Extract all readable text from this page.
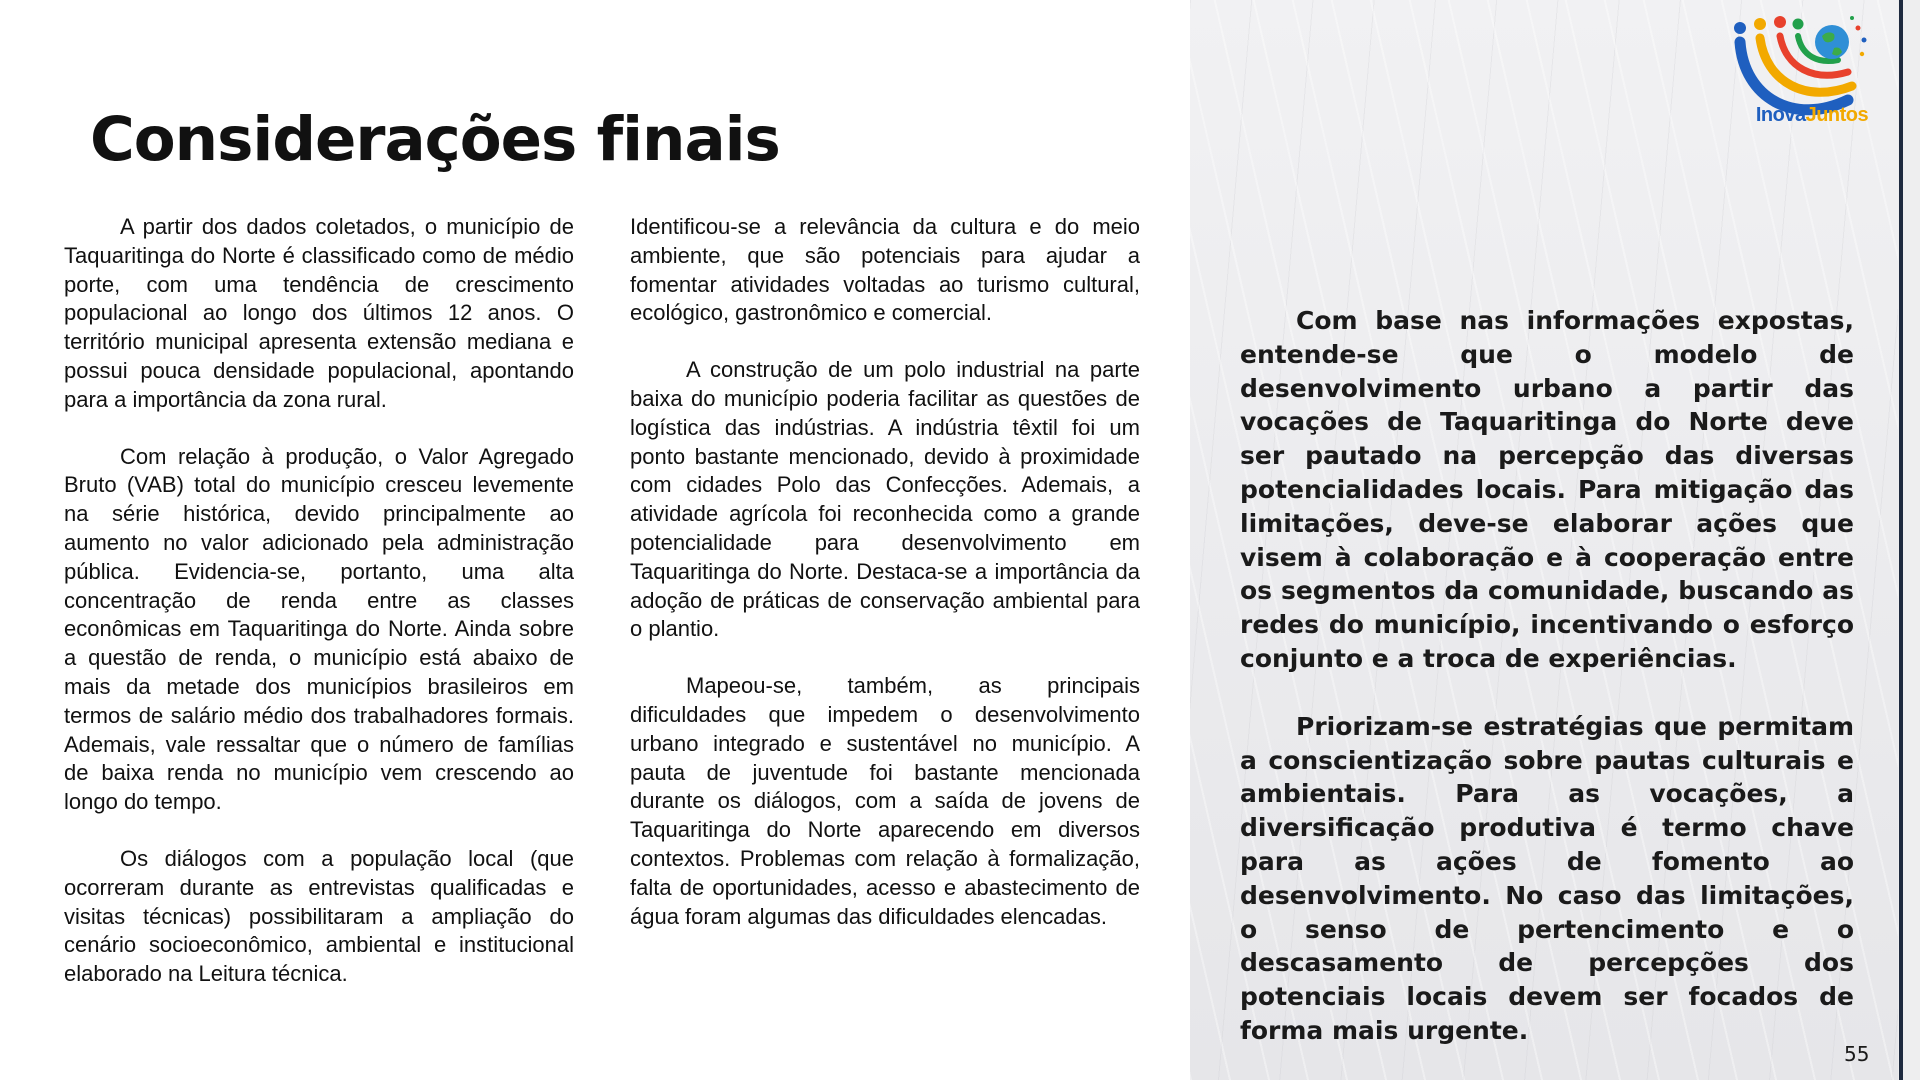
Considerações finais

A partir dos dados coletados, o município de Taquaritinga do Norte é classificado como de médio porte, com uma tendência de crescimento populacional ao longo dos últimos 12 anos. O território municipal apresenta extensão mediana e possui pouca densidade populacional, apontando para a importância da zona rural.

Com relação à produção, o Valor Agregado Bruto (VAB) total do município cresceu levemente na série histórica, devido principalmente ao aumento no valor adicionado pela administração pública. Evidencia-se, portanto, uma alta concentração de renda entre as classes econômicas em Taquaritinga do Norte. Ainda sobre a questão de renda, o município está abaixo de mais da metade dos municípios brasileiros em termos de salário médio dos trabalhadores formais. Ademais, vale ressaltar que o número de famílias de baixa renda no município vem crescendo ao longo do tempo.

Os diálogos com a população local (que ocorreram durante as entrevistas qualificadas e visitas técnicas) possibilitaram a ampliação do cenário socioeconômico, ambiental e institucional elaborado na Leitura técnica.

Identificou-se a relevância da cultura e do meio ambiente, que são potenciais para ajudar a fomentar atividades voltadas ao turismo cultural, ecológico, gastronômico e comercial.

A construção de um polo industrial na parte baixa do município poderia facilitar as questões de logística das indústrias. A indústria têxtil foi um ponto bastante mencionado, devido à proximidade com cidades Polo das Confecções. Ademais, a atividade agrícola foi reconhecida como a grande potencialidade para desenvolvimento em Taquaritinga do Norte. Destaca-se a importância da adoção de práticas de conservação ambiental para o plantio.

Mapeou-se, também, as principais dificuldades que impedem o desenvolvimento urbano integrado e sustentável no município. A pauta de juventude foi bastante mencionada durante os diálogos, com a saída de jovens de Taquaritinga do Norte aparecendo em diversos contextos. Problemas com relação à formalização, falta de oportunidades, acesso e abastecimento de água foram algumas das dificuldades elencadas.

Com base nas informações expostas, entende-se que o modelo de desenvolvimento urbano a partir das vocações de Taquaritinga do Norte deve ser pautado na percepção das diversas potencialidades locais. Para mitigação das limitações, deve-se elaborar ações que visem à colaboração e à cooperação entre os segmentos da comunidade, buscando as redes do município, incentivando o esforço conjunto e a troca de experiências.

Priorizam-se estratégias que permitam a conscientização sobre pautas culturais e ambientais. Para as vocações, a diversificação produtiva é termo chave para as ações de fomento ao desenvolvimento. No caso das limitações, o senso de pertencimento e o descasamento de percepções dos potenciais locais devem ser focados de forma mais urgente.

InovaJuntos
55
